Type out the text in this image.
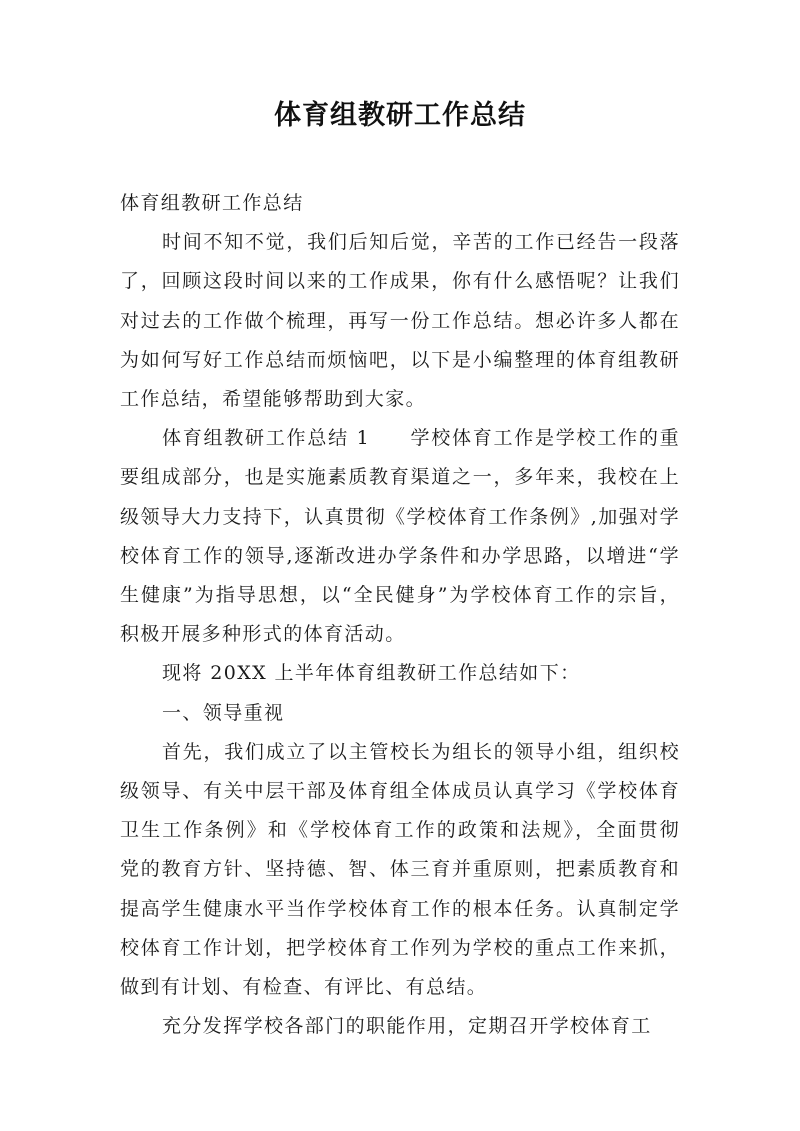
体育组教研工作总结

体育组教研工作总结

时间不知不觉，我们后知后觉，辛苦的工作已经告一段落了，回顾这段时间以来的工作成果，你有什么感悟呢？让我们对过去的工作做个梳理，再写一份工作总结。想必许多人都在为如何写好工作总结而烦恼吧，以下是小编整理的体育组教研工作总结，希望能够帮助到大家。

体育组教研工作总结 1 学校体育工作是学校工作的重要组成部分，也是实施素质教育渠道之一，多年来，我校在上级领导大力支持下，认真贯彻《学校体育工作条例》,加强对学校体育工作的领导,逐渐改进办学条件和办学思路，以增进“学生健康”为指导思想，以“全民健身”为学校体育工作的宗旨，积极开展多种形式的体育活动。

现将 20XX 上半年体育组教研工作总结如下：

一、领导重视

首先，我们成立了以主管校长为组长的领导小组，组织校级领导、有关中层干部及体育组全体成员认真学习《学校体育卫生工作条例》和《学校体育工作的政策和法规》，全面贯彻党的教育方针、坚持德、智、体三育并重原则，把素质教育和提高学生健康水平当作学校体育工作的根本任务。认真制定学校体育工作计划，把学校体育工作列为学校的重点工作来抓，做到有计划、有检查、有评比、有总结。

充分发挥学校各部门的职能作用，定期召开学校体育工
